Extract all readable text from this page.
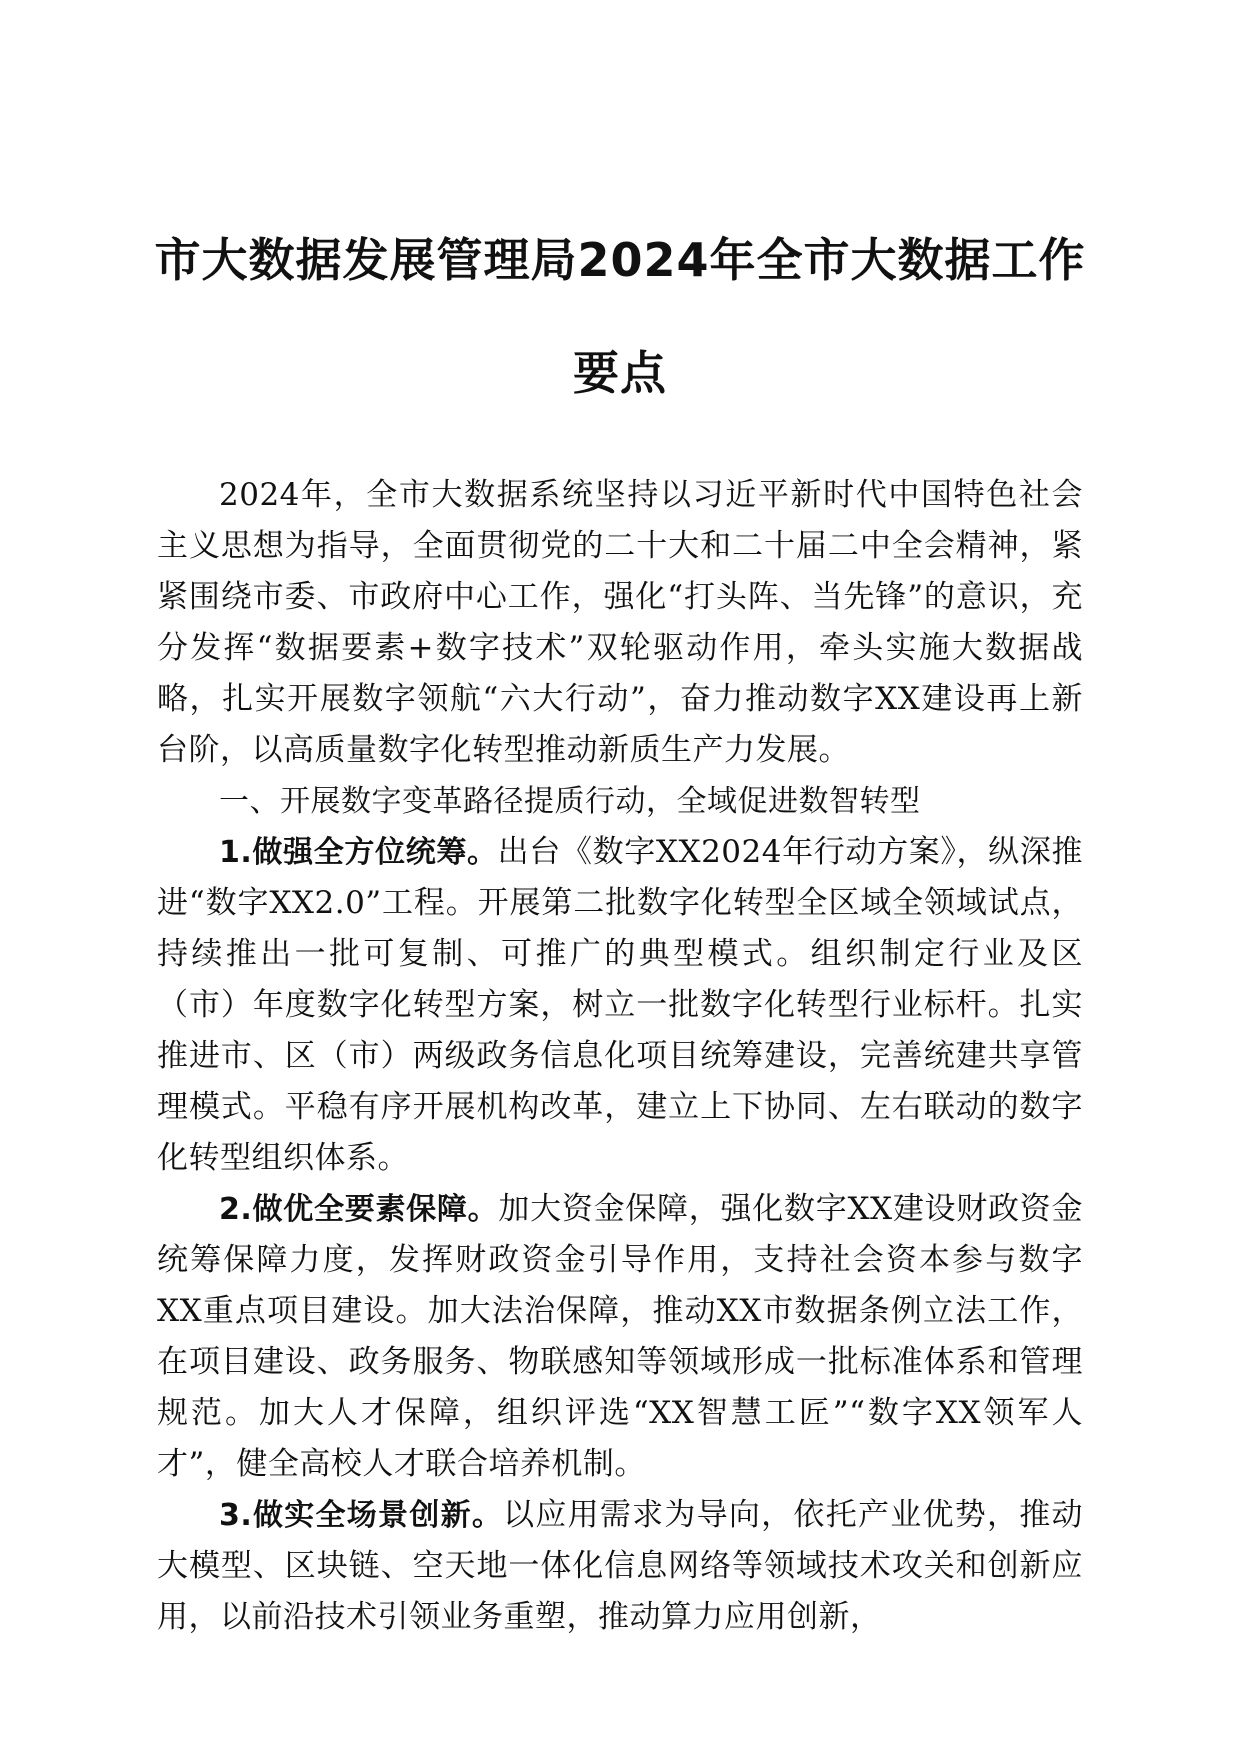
市大数据发展管理局2024年全市大数据工作
要点

2024年，全市大数据系统坚持以习近平新时代中国特色社会主义思想为指导，全面贯彻党的二十大和二十届二中全会精神，紧紧围绕市委、市政府中心工作，强化“打头阵、当先锋”的意识，充分发挥“数据要素+数字技术”双轮驱动作用，牵头实施大数据战略，扎实开展数字领航“六大行动”，奋力推动数字XX建设再上新台阶，以高质量数字化转型推动新质生产力发展。

一、开展数字变革路径提质行动，全域促进数智转型

1.做强全方位统筹。出台《数字XX2024年行动方案》，纵深推进“数字XX2.0”工程。开展第二批数字化转型全区域全领域试点，持续推出一批可复制、可推广的典型模式。组织制定行业及区（市）年度数字化转型方案，树立一批数字化转型行业标杆。扎实推进市、区（市）两级政务信息化项目统筹建设，完善统建共享管理模式。平稳有序开展机构改革，建立上下协同、左右联动的数字化转型组织体系。

2.做优全要素保障。加大资金保障，强化数字XX建设财政资金统筹保障力度，发挥财政资金引导作用，支持社会资本参与数字XX重点项目建设。加大法治保障，推动XX市数据条例立法工作，在项目建设、政务服务、物联感知等领域形成一批标准体系和管理规范。加大人才保障，组织评选“XX智慧工匠”“数字XX领军人才”，健全高校人才联合培养机制。

3.做实全场景创新。以应用需求为导向，依托产业优势，推动大模型、区块链、空天地一体化信息网络等领域技术攻关和创新应用，以前沿技术引领业务重塑，推动算力应用创新，
